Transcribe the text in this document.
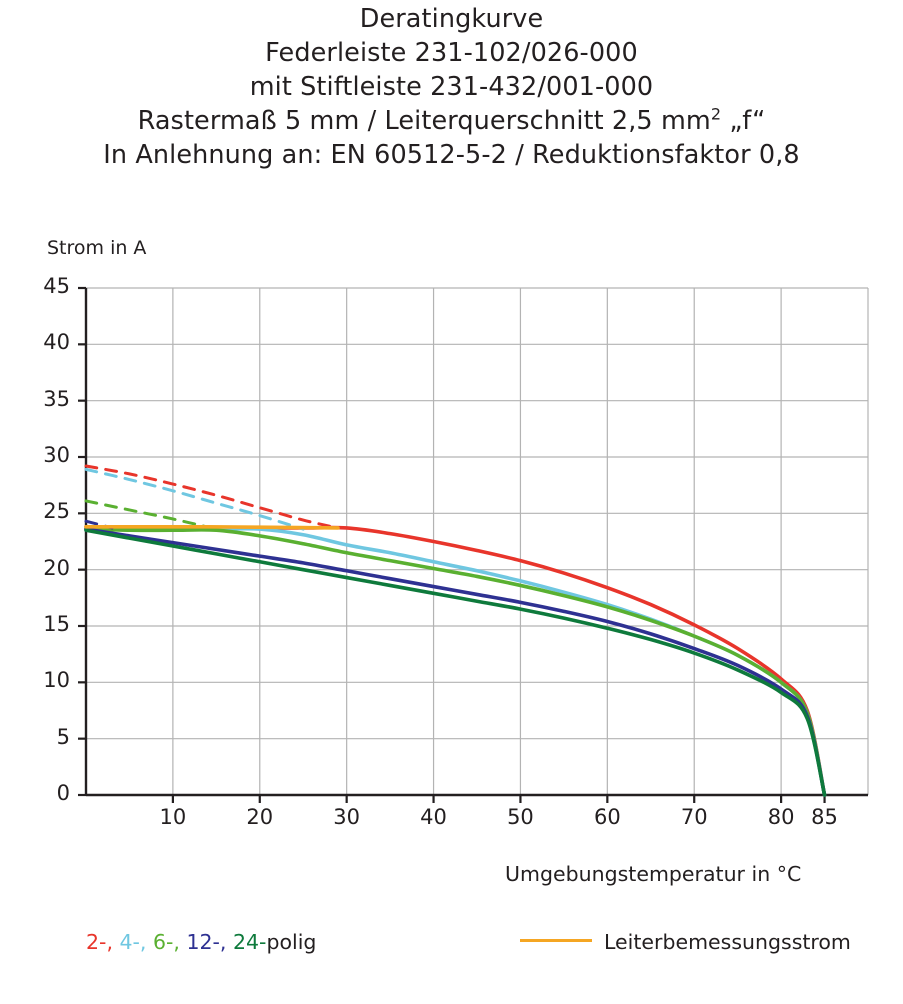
Deratingkurve
Federleiste 231-102/026-000
mit Stiftleiste 231-432/001-000
Rastermaß 5 mm / Leiterquerschnitt 2,5 $mm^2$ „f“
In Anlehnung an: EN 60512-5-2 / Reduktionsfaktor 0,8
Strom in A
Umgebungstemperatur in °C
2-, 4-, 6-, 12-, 24-polig	Leiterbemessungsstrom
0
5
10
15
20
25
30
35
40
45
10	20	30	40	50	60	70	80 85
